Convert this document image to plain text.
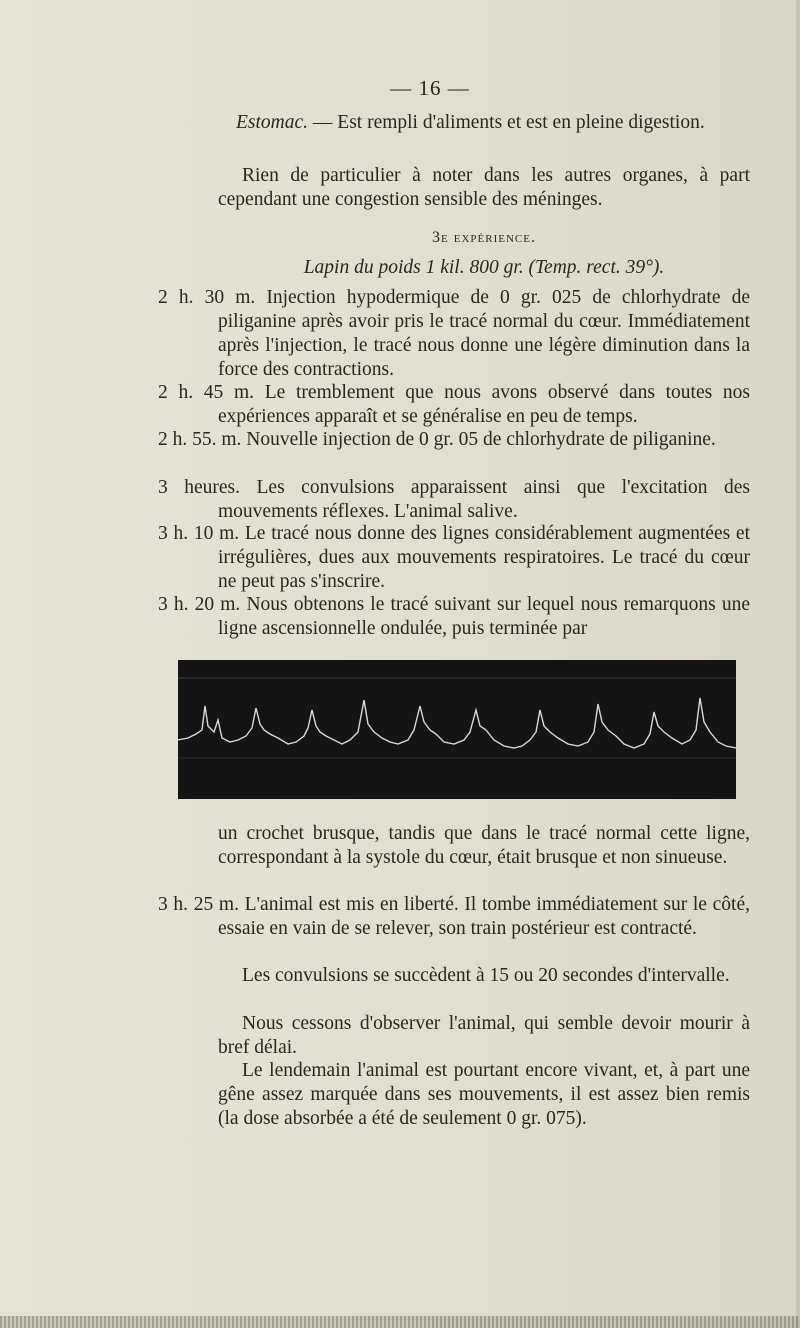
— 16 —

Estomac. — Est rempli d'aliments et est en pleine digestion.

Rien de particulier à noter dans les autres organes, à part cependant une congestion sensible des méninges.

3e expérience.
Lapin du poids 1 kil. 800 gr. (Temp. rect. 39°).

2 h. 30 m. Injection hypodermique de 0 gr. 025 de chlorhydrate de piliganine après avoir pris le tracé normal du cœur. Immédiatement après l'injection, le tracé nous donne une légère diminution dans la force des contractions.

2 h. 45 m. Le tremblement que nous avons observé dans toutes nos expériences apparaît et se généralise en peu de temps.

2 h. 55. m. Nouvelle injection de 0 gr. 05 de chlorhydrate de piliganine.

3 heures. Les convulsions apparaissent ainsi que l'excitation des mouvements réflexes. L'animal salive.

3 h. 10 m. Le tracé nous donne des lignes considérablement augmentées et irrégulières, dues aux mouvements respiratoires. Le tracé du cœur ne peut pas s'inscrire.

3 h. 20 m. Nous obtenons le tracé suivant sur lequel nous remarquons une ligne ascensionnelle ondulée, puis terminée par

un crochet brusque, tandis que dans le tracé normal cette ligne, correspondant à la systole du cœur, était brusque et non sinueuse.

3 h. 25 m. L'animal est mis en liberté. Il tombe immédiatement sur le côté, essaie en vain de se relever, son train postérieur est contracté.

Les convulsions se succèdent à 15 ou 20 secondes d'intervalle.

Nous cessons d'observer l'animal, qui semble devoir mourir à bref délai.

Le lendemain l'animal est pourtant encore vivant, et, à part une gêne assez marquée dans ses mouvements, il est assez bien remis (la dose absorbée a été de seulement 0 gr. 075).
